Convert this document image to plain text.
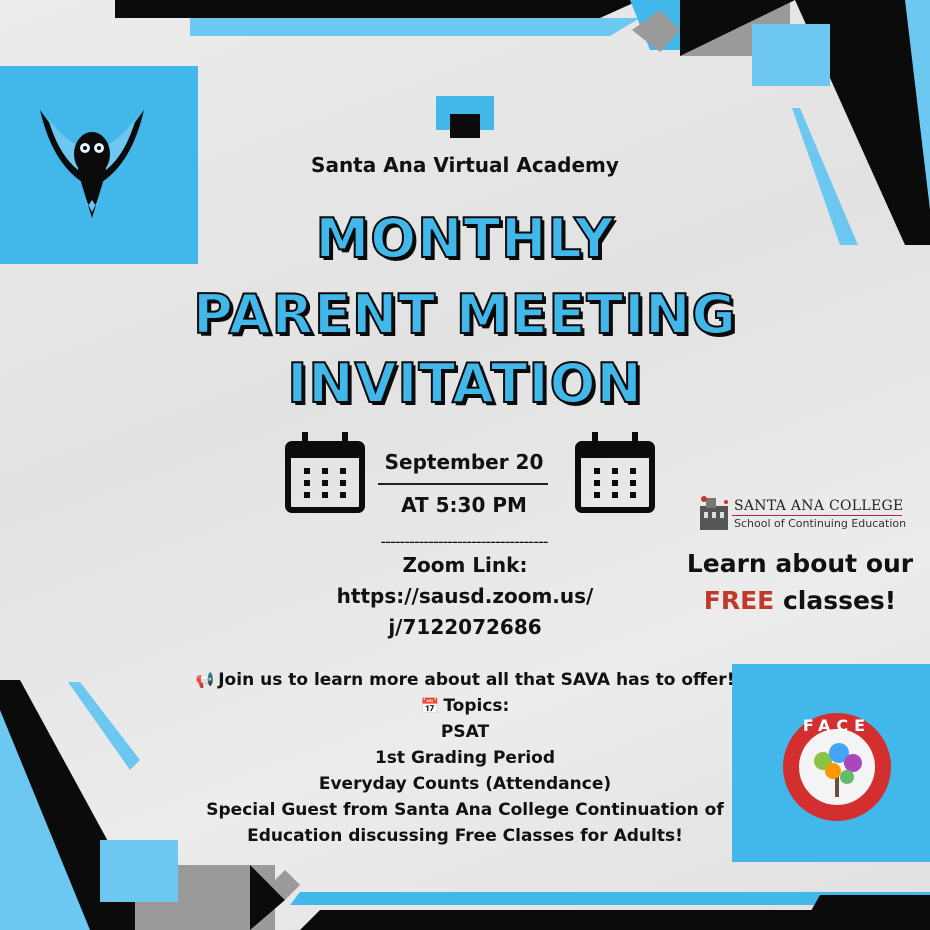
FACE
Santa Ana Virtual Academy
MONTHLY
PARENT MEETING
INVITATION
September 20
AT 5:30 PM
-----------------------------------
Zoom Link:
https://sausd.zoom.us/
j/7122072686
📢 Join us to learn more about all that SAVA has to offer!
📅 Topics:
PSAT
1st Grading Period
Everyday Counts (Attendance)
Special Guest from Santa Ana College Continuation of
Education discussing Free Classes for Adults!
SANTA ANA COLLEGE
School of Continuing Education
Learn about our
FREE classes!
